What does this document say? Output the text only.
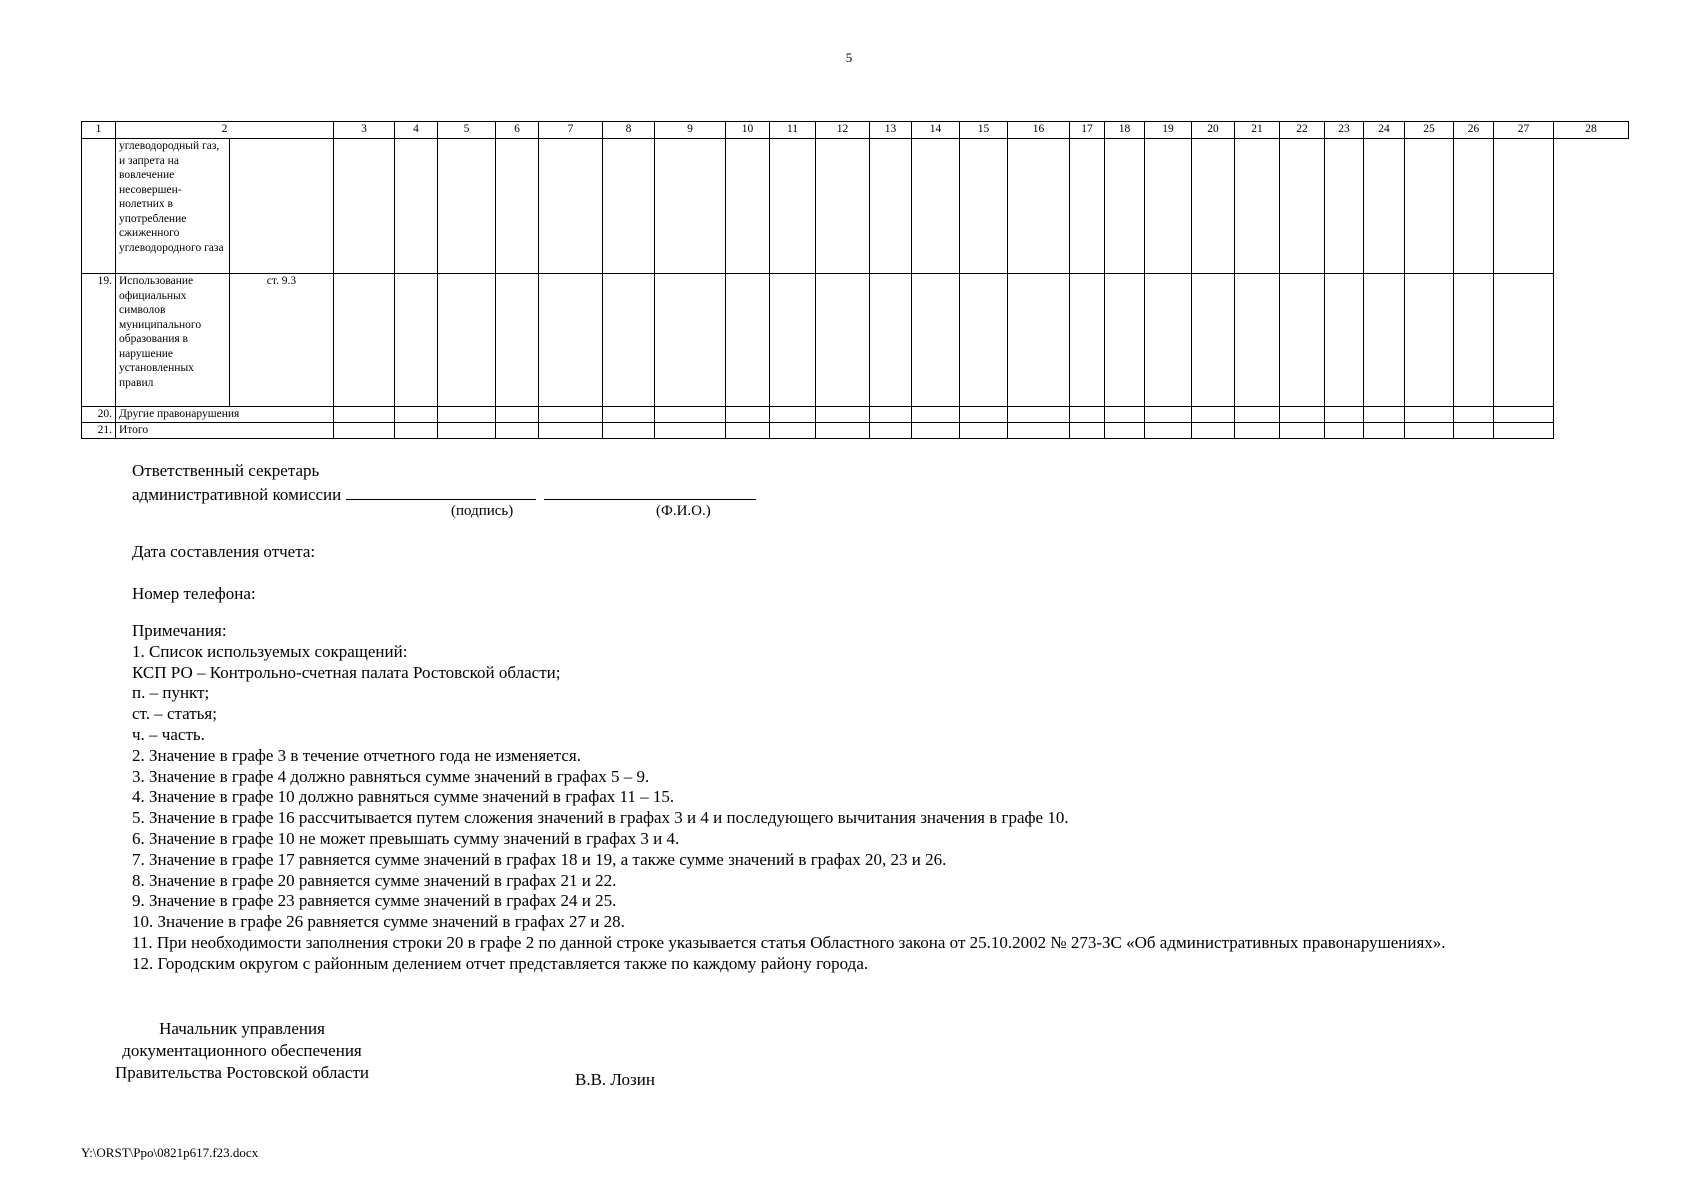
5
1	2		3	4	5	6	7	8	9	10	11	12	13	14	15	16	17	18	19	20	21	22	23	24	25	26	27	28
	углеводородный газ, и запрета на вовлечение несовершен-нолетних в употребление сжиженного углеводородного газа																											
19.	Использование официальных символов муниципального образования в нарушение установленных правил	ст. 9.3																										
20.	Другие правонарушения																											
21.	Итого																											
Ответственный секретарь
административной комиссии
(подпись)	(Ф.И.О.)
Дата составления отчета:
Номер телефона:
Примечания:
1. Список используемых сокращений:
КСП РО – Контрольно-счетная палата Ростовской области;
п. – пункт;
ст. – статья;
ч. – часть.
2. Значение в графе 3 в течение отчетного года не изменяется.
3. Значение в графе 4 должно равняться сумме значений в графах 5 – 9.
4. Значение в графе 10 должно равняться сумме значений в графах 11 – 15.
5. Значение в графе 16 рассчитывается путем сложения значений в графах 3 и 4 и последующего вычитания значения в графе 10.
6. Значение в графе 10 не может превышать сумму значений в графах 3 и 4.
7. Значение в графе 17 равняется сумме значений в графах 18 и 19, а также сумме значений в графах 20, 23 и 26.
8. Значение в графе 20 равняется сумме значений в графах 21 и 22.
9. Значение в графе 23 равняется сумме значений в графах 24 и 25.
10. Значение в графе 26 равняется сумме значений в графах 27 и 28.
11. При необходимости заполнения строки 20 в графе 2 по данной строке указывается статья Областного закона от 25.10.2002 № 273-ЗС «Об административных правонарушениях».
12. Городским округом с районным делением отчет представляется также по каждому району города.
Начальник управления
документационного обеспечения
Правительства Ростовской области	В.В. Лозин
Y:\ORST\Ppo\0821p617.f23.docx
